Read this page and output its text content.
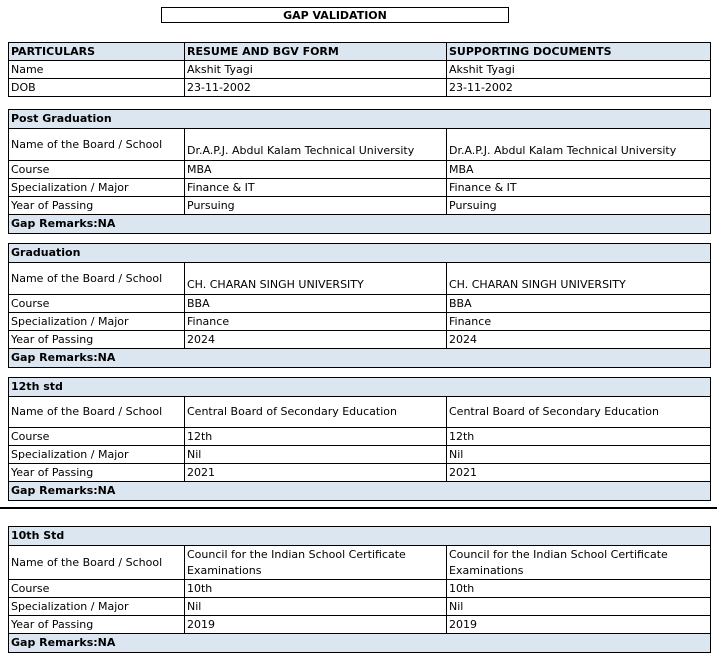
GAP VALIDATION
PARTICULARS	RESUME AND BGV FORM	SUPPORTING DOCUMENTS
Name	Akshit Tyagi	Akshit Tyagi
DOB	23-11-2002	23-11-2002
Post Graduation		
Name of the Board / School	Dr.A.P.J. Abdul Kalam Technical University	Dr.A.P.J. Abdul Kalam Technical University
Course	MBA	MBA
Specialization / Major	Finance & IT	Finance & IT
Year of Passing	Pursuing	Pursuing
Gap Remarks:NA		
Graduation		
Name of the Board / School	CH. CHARAN SINGH UNIVERSITY	CH. CHARAN SINGH UNIVERSITY
Course	BBA	BBA
Specialization / Major	Finance	Finance
Year of Passing	2024	2024
Gap Remarks:NA		
12th std		
Name of the Board / School	Central Board of Secondary Education	Central Board of Secondary Education
Course	12th	12th
Specialization / Major	Nil	Nil
Year of Passing	2021	2021
Gap Remarks:NA		
10th Std		
Name of the Board / School	Council for the Indian School Certificate Examinations	Council for the Indian School Certificate Examinations
Course	10th	10th
Specialization / Major	Nil	Nil
Year of Passing	2019	2019
Gap Remarks:NA		
